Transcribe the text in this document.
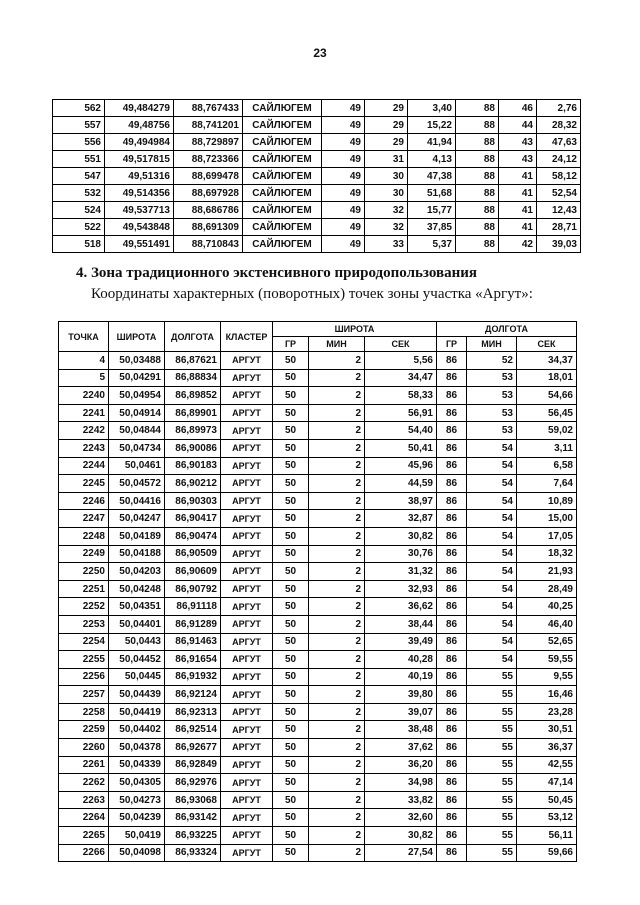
23
562	49,484279	88,767433	САЙЛЮГЕМ	49	29	3,40	88	46	2,76
557	49,48756	88,741201	САЙЛЮГЕМ	49	29	15,22	88	44	28,32
556	49,494984	88,729897	САЙЛЮГЕМ	49	29	41,94	88	43	47,63
551	49,517815	88,723366	САЙЛЮГЕМ	49	31	4,13	88	43	24,12
547	49,51316	88,699478	САЙЛЮГЕМ	49	30	47,38	88	41	58,12
532	49,514356	88,697928	САЙЛЮГЕМ	49	30	51,68	88	41	52,54
524	49,537713	88,686786	САЙЛЮГЕМ	49	32	15,77	88	41	12,43
522	49,543848	88,691309	САЙЛЮГЕМ	49	32	37,85	88	41	28,71
518	49,551491	88,710843	САЙЛЮГЕМ	49	33	5,37	88	42	39,03
4. Зона традиционного экстенсивного природопользования
Координаты характерных (поворотных) точек зоны участка «Аргут»:
ТОЧКА	ШИРОТА	ДОЛГОТА	КЛАСТЕР	ШИРОТА			ДОЛГОТА		
				ГР	МИН	СЕК	ГР	МИН	СЕК
4	50,03488	86,87621	АРГУТ	50	2	5,56	86	52	34,37
5	50,04291	86,88834	АРГУТ	50	2	34,47	86	53	18,01
2240	50,04954	86,89852	АРГУТ	50	2	58,33	86	53	54,66
2241	50,04914	86,89901	АРГУТ	50	2	56,91	86	53	56,45
2242	50,04844	86,89973	АРГУТ	50	2	54,40	86	53	59,02
2243	50,04734	86,90086	АРГУТ	50	2	50,41	86	54	3,11
2244	50,0461	86,90183	АРГУТ	50	2	45,96	86	54	6,58
2245	50,04572	86,90212	АРГУТ	50	2	44,59	86	54	7,64
2246	50,04416	86,90303	АРГУТ	50	2	38,97	86	54	10,89
2247	50,04247	86,90417	АРГУТ	50	2	32,87	86	54	15,00
2248	50,04189	86,90474	АРГУТ	50	2	30,82	86	54	17,05
2249	50,04188	86,90509	АРГУТ	50	2	30,76	86	54	18,32
2250	50,04203	86,90609	АРГУТ	50	2	31,32	86	54	21,93
2251	50,04248	86,90792	АРГУТ	50	2	32,93	86	54	28,49
2252	50,04351	86,91118	АРГУТ	50	2	36,62	86	54	40,25
2253	50,04401	86,91289	АРГУТ	50	2	38,44	86	54	46,40
2254	50,0443	86,91463	АРГУТ	50	2	39,49	86	54	52,65
2255	50,04452	86,91654	АРГУТ	50	2	40,28	86	54	59,55
2256	50,0445	86,91932	АРГУТ	50	2	40,19	86	55	9,55
2257	50,04439	86,92124	АРГУТ	50	2	39,80	86	55	16,46
2258	50,04419	86,92313	АРГУТ	50	2	39,07	86	55	23,28
2259	50,04402	86,92514	АРГУТ	50	2	38,48	86	55	30,51
2260	50,04378	86,92677	АРГУТ	50	2	37,62	86	55	36,37
2261	50,04339	86,92849	АРГУТ	50	2	36,20	86	55	42,55
2262	50,04305	86,92976	АРГУТ	50	2	34,98	86	55	47,14
2263	50,04273	86,93068	АРГУТ	50	2	33,82	86	55	50,45
2264	50,04239	86,93142	АРГУТ	50	2	32,60	86	55	53,12
2265	50,0419	86,93225	АРГУТ	50	2	30,82	86	55	56,11
2266	50,04098	86,93324	АРГУТ	50	2	27,54	86	55	59,66
